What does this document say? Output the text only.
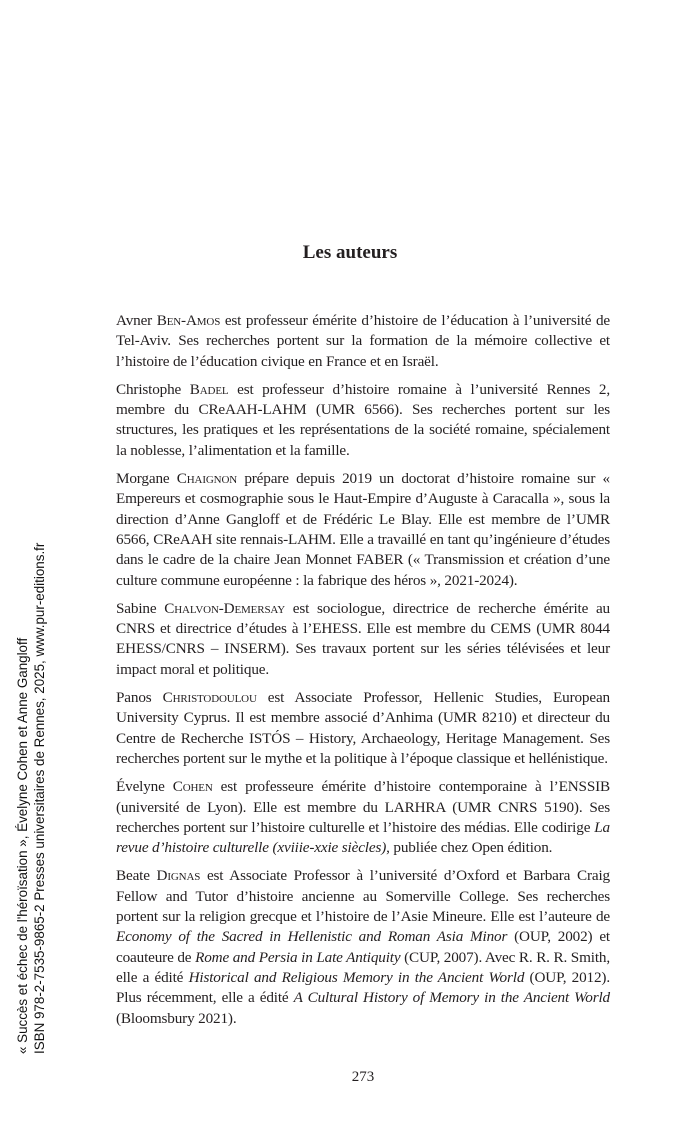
Les auteurs

Avner Ben-Amos est professeur émérite d’histoire de l’éducation à l’université de Tel-Aviv. Ses recherches portent sur la formation de la mémoire collective et l’histoire de l’éducation civique en France et en Israël.

Christophe Badel est professeur d’histoire romaine à l’université Rennes 2, membre du CReAAH-LAHM (UMR 6566). Ses recherches portent sur les structures, les pratiques et les représentations de la société romaine, spécialement la noblesse, l’alimentation et la famille.

Morgane Chaignon prépare depuis 2019 un doctorat d’histoire romaine sur « Empereurs et cosmographie sous le Haut-Empire d’Auguste à Caracalla », sous la direction d’Anne Gangloff et de Frédéric Le Blay. Elle est membre de l’UMR 6566, CReAAH site rennais-LAHM. Elle a travaillé en tant qu’ingénieure d’études dans le cadre de la chaire Jean Monnet FABER (« Transmission et création d’une culture commune européenne : la fabrique des héros », 2021-2024).

Sabine Chalvon-Demersay est sociologue, directrice de recherche émérite au CNRS et directrice d’études à l’EHESS. Elle est membre du CEMS (UMR 8044 EHESS/CNRS – INSERM). Ses travaux portent sur les séries télévisées et leur impact moral et politique.

Panos Christodoulou est Associate Professor, Hellenic Studies, European University Cyprus. Il est membre associé d’Anhima (UMR 8210) et directeur du Centre de Recherche ISTÓS – History, Archaeology, Heritage Management. Ses recherches portent sur le mythe et la politique à l’époque classique et hellénistique.

Évelyne Cohen est professeure émérite d’histoire contemporaine à l’ENSSIB (université de Lyon). Elle est membre du LARHRA (UMR CNRS 5190). Ses recherches portent sur l’histoire culturelle et l’histoire des médias. Elle codirige La revue d’histoire culturelle (xviiie-xxie siècles), publiée chez Open édition.

Beate Dignas est Associate Professor à l’université d’Oxford et Barbara Craig Fellow and Tutor d’histoire ancienne au Somerville College. Ses recherches portent sur la religion grecque et l’histoire de l’Asie Mineure. Elle est l’auteure de Economy of the Sacred in Hellenistic and Roman Asia Minor (OUP, 2002) et coauteure de Rome and Persia in Late Antiquity (CUP, 2007). Avec R. R. R. Smith, elle a édité Historical and Religious Memory in the Ancient World (OUP, 2012). Plus récemment, elle a édité A Cultural History of Memory in the Ancient World (Bloomsbury 2021).

273
« Succès et échec de l'héroïsation », Évelyne Cohen et Anne Gangloff ISBN 978-2-7535-9865-2 Presses universitaires de Rennes, 2025, www.pur-editions.fr
